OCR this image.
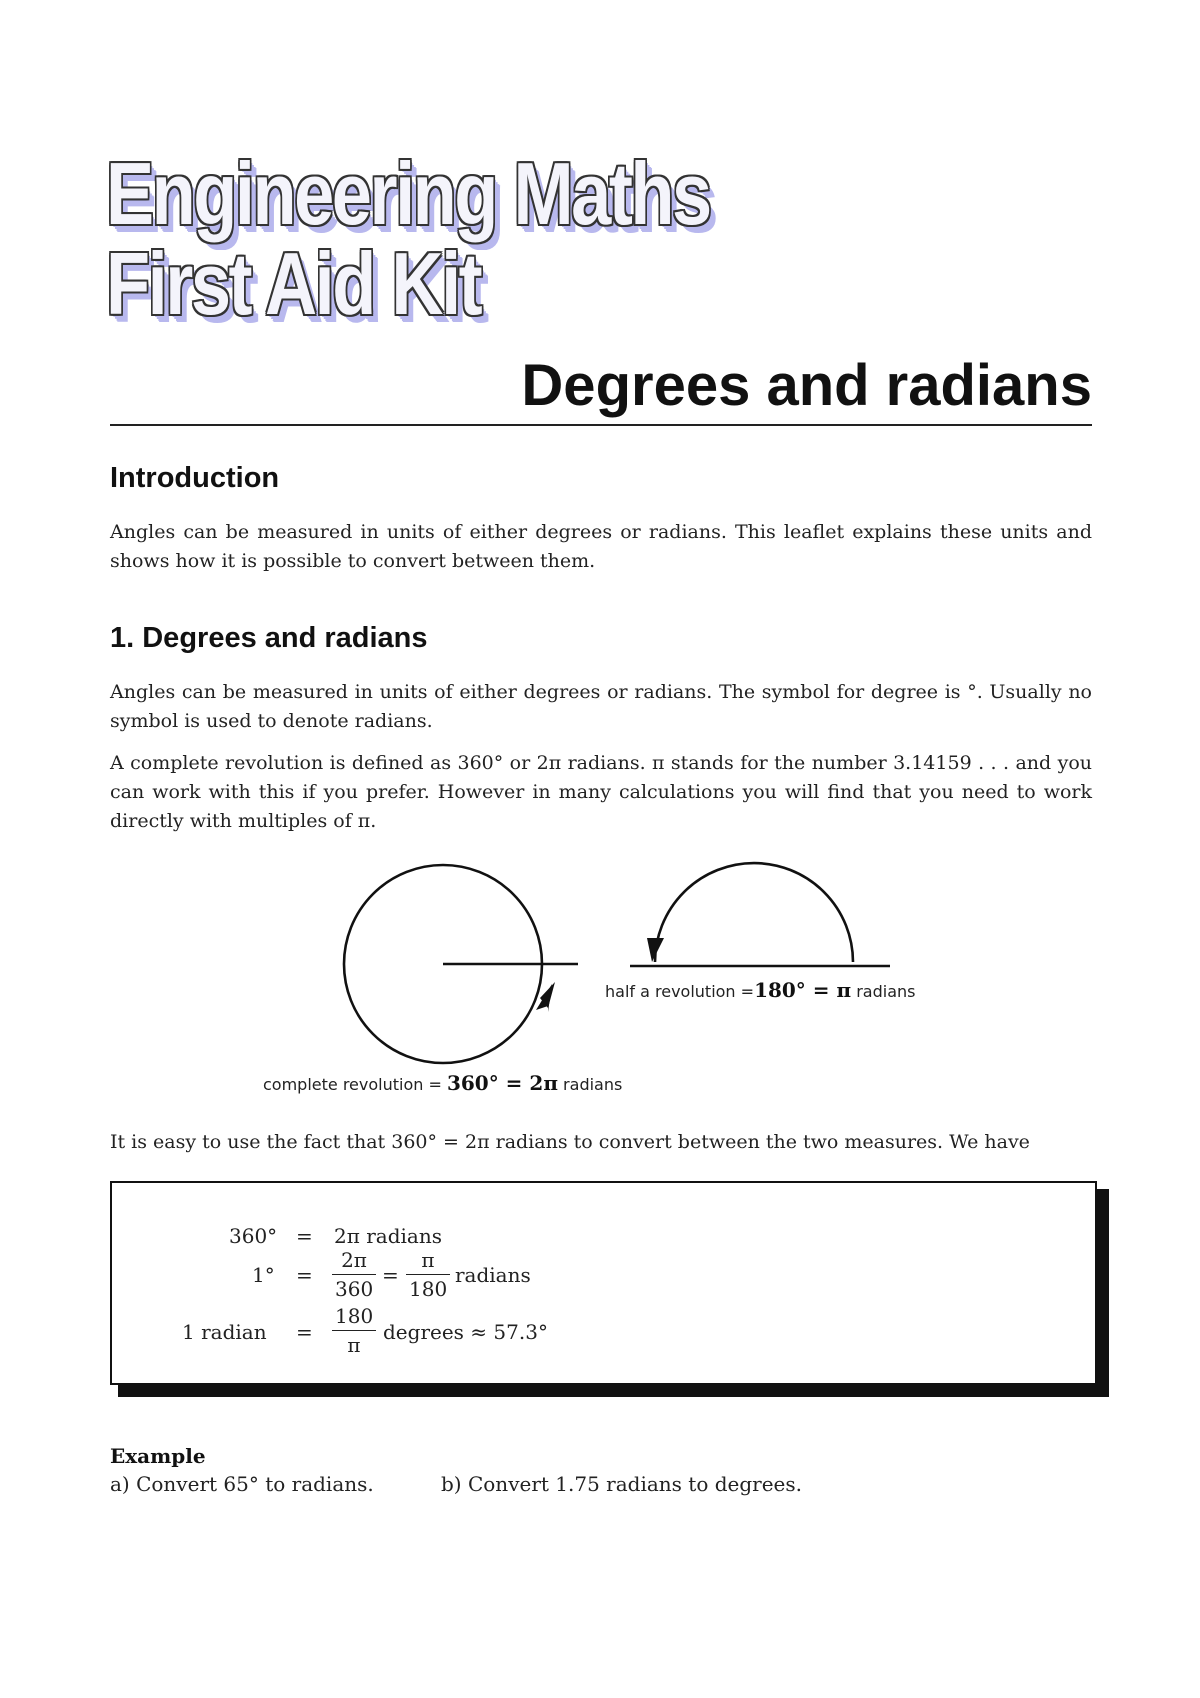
Engineering Maths
First Aid Kit
Degrees and radians
Introduction

Angles can be measured in units of either degrees or radians. This leaflet explains these units and shows how it is possible to convert between them.

1. Degrees and radians

Angles can be measured in units of either degrees or radians. The symbol for degree is °. Usually no symbol is used to denote radians.

A complete revolution is defined as 360° or 2π radians. π stands for the number 3.14159 . . . and you can work with this if you prefer. However in many calculations you will find that you need to work directly with multiples of π.

half a revolution =180° = π radians
complete revolution = 360° = 2π radians

It is easy to use the fact that 360° = 2π radians to convert between the two measures. We have

360° = 2π radians
$1^\circ = \frac{2\pi}{360} = \frac{\pi}{180}$ radians
1 radian = $\frac{180}{\pi}$ degrees ≈ 57.3°
Example
a) Convert 65° to radians.	b) Convert 1.75 radians to degrees.
